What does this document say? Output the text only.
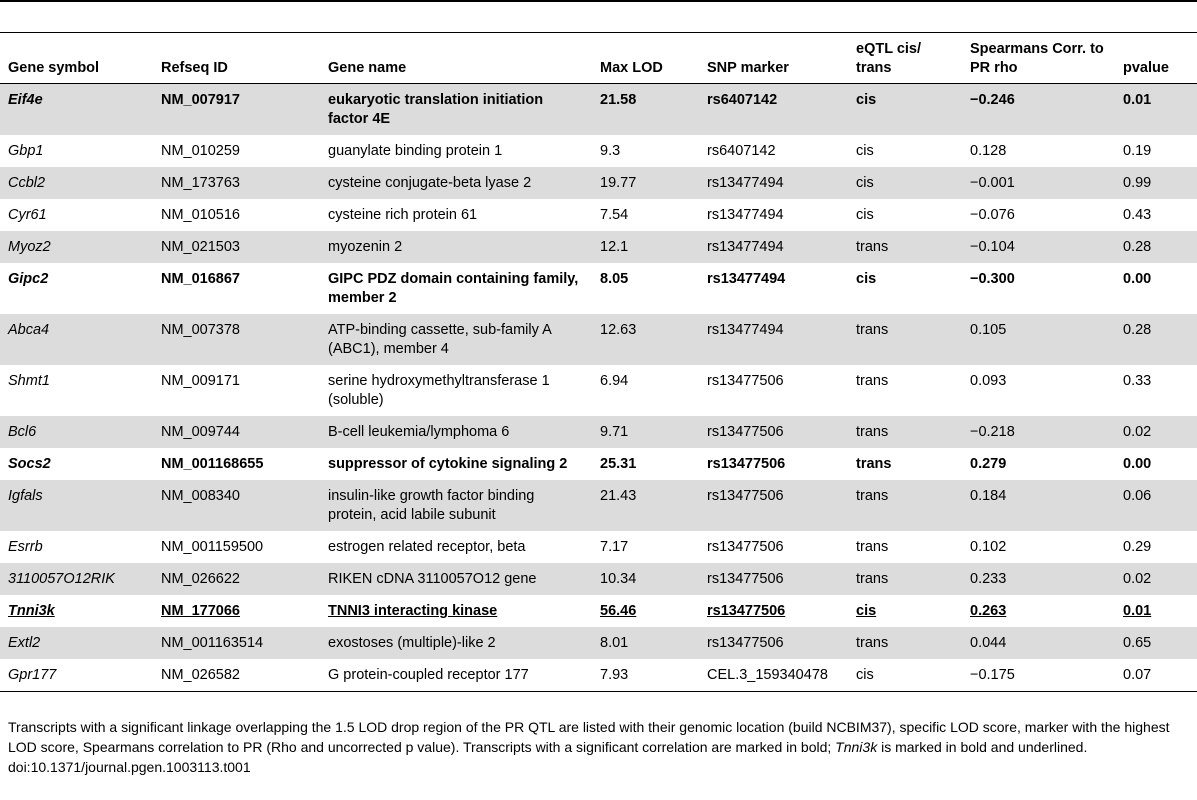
Gene symbol	Refseq ID	Gene name	Max LOD	SNP marker	eQTL cis/ trans	Spearmans Corr. to PR rho	pvalue
Eif4e	NM_007917	eukaryotic translation initiation factor 4E	21.58	rs6407142	cis	−0.246	0.01
Gbp1	NM_010259	guanylate binding protein 1	9.3	rs6407142	cis	0.128	0.19
Ccbl2	NM_173763	cysteine conjugate-beta lyase 2	19.77	rs13477494	cis	−0.001	0.99
Cyr61	NM_010516	cysteine rich protein 61	7.54	rs13477494	cis	−0.076	0.43
Myoz2	NM_021503	myozenin 2	12.1	rs13477494	trans	−0.104	0.28
Gipc2	NM_016867	GIPC PDZ domain containing family, member 2	8.05	rs13477494	cis	−0.300	0.00
Abca4	NM_007378	ATP-binding cassette, sub-family A (ABC1), member 4	12.63	rs13477494	trans	0.105	0.28
Shmt1	NM_009171	serine hydroxymethyltransferase 1 (soluble)	6.94	rs13477506	trans	0.093	0.33
Bcl6	NM_009744	B-cell leukemia/lymphoma 6	9.71	rs13477506	trans	−0.218	0.02
Socs2	NM_001168655	suppressor of cytokine signaling 2	25.31	rs13477506	trans	0.279	0.00
Igfals	NM_008340	insulin-like growth factor binding protein, acid labile subunit	21.43	rs13477506	trans	0.184	0.06
Esrrb	NM_001159500	estrogen related receptor, beta	7.17	rs13477506	trans	0.102	0.29
3110057O12RIK	NM_026622	RIKEN cDNA 3110057O12 gene	10.34	rs13477506	trans	0.233	0.02
Tnni3k	NM_177066	TNNI3 interacting kinase	56.46	rs13477506	cis	0.263	0.01
Extl2	NM_001163514	exostoses (multiple)-like 2	8.01	rs13477506	trans	0.044	0.65
Gpr177	NM_026582	G protein-coupled receptor 177	7.93	CEL.3_159340478	cis	−0.175	0.07

Transcripts with a significant linkage overlapping the 1.5 LOD drop region of the PR QTL are listed with their genomic location (build NCBIM37), specific LOD score, marker with the highest LOD score, Spearmans correlation to PR (Rho and uncorrected p value). Transcripts with a significant correlation are marked in bold; Tnni3k is marked in bold and underlined.

doi:10.1371/journal.pgen.1003113.t001
